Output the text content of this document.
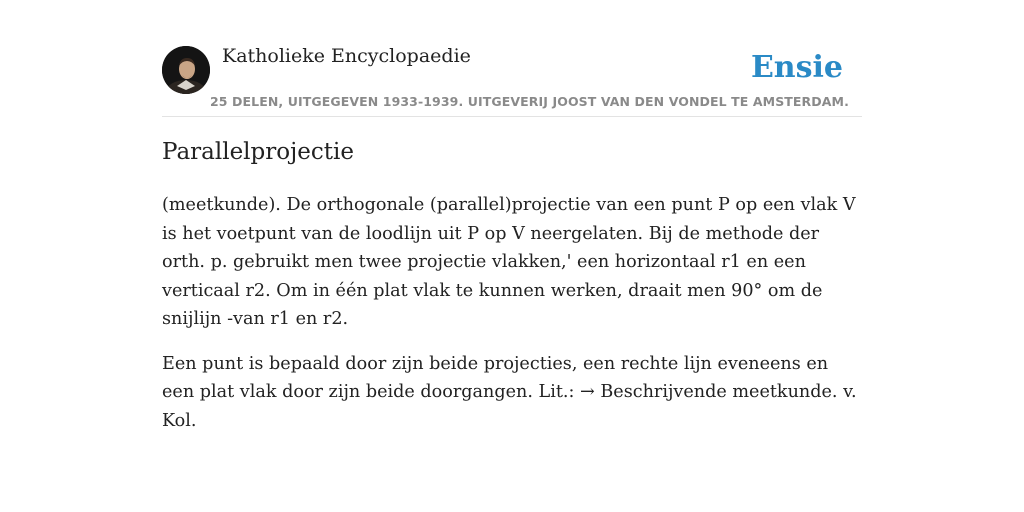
Katholieke Encyclopaedie
25 DELEN, UITGEGEVEN 1933-1939. UITGEVERIJ JOOST VAN DEN VONDEL TE AMSTERDAM.
Ensie
Parallelprojectie

(meetkunde). De orthogonale (parallel)projectie van een punt P op een vlak V is het voetpunt van de loodlijn uit P op V neergelaten. Bij de methode der orth. p. gebruikt men twee projectie vlakken,' een horizontaal r1 en een verticaal r2. Om in één plat vlak te kunnen werken, draait men 90° om de snijlijn -van r1 en r2.

Een punt is bepaald door zijn beide projecties, een rechte lijn eveneens en een plat vlak door zijn beide doorgangen. Lit.: → Beschrijvende meetkunde. v. Kol.
